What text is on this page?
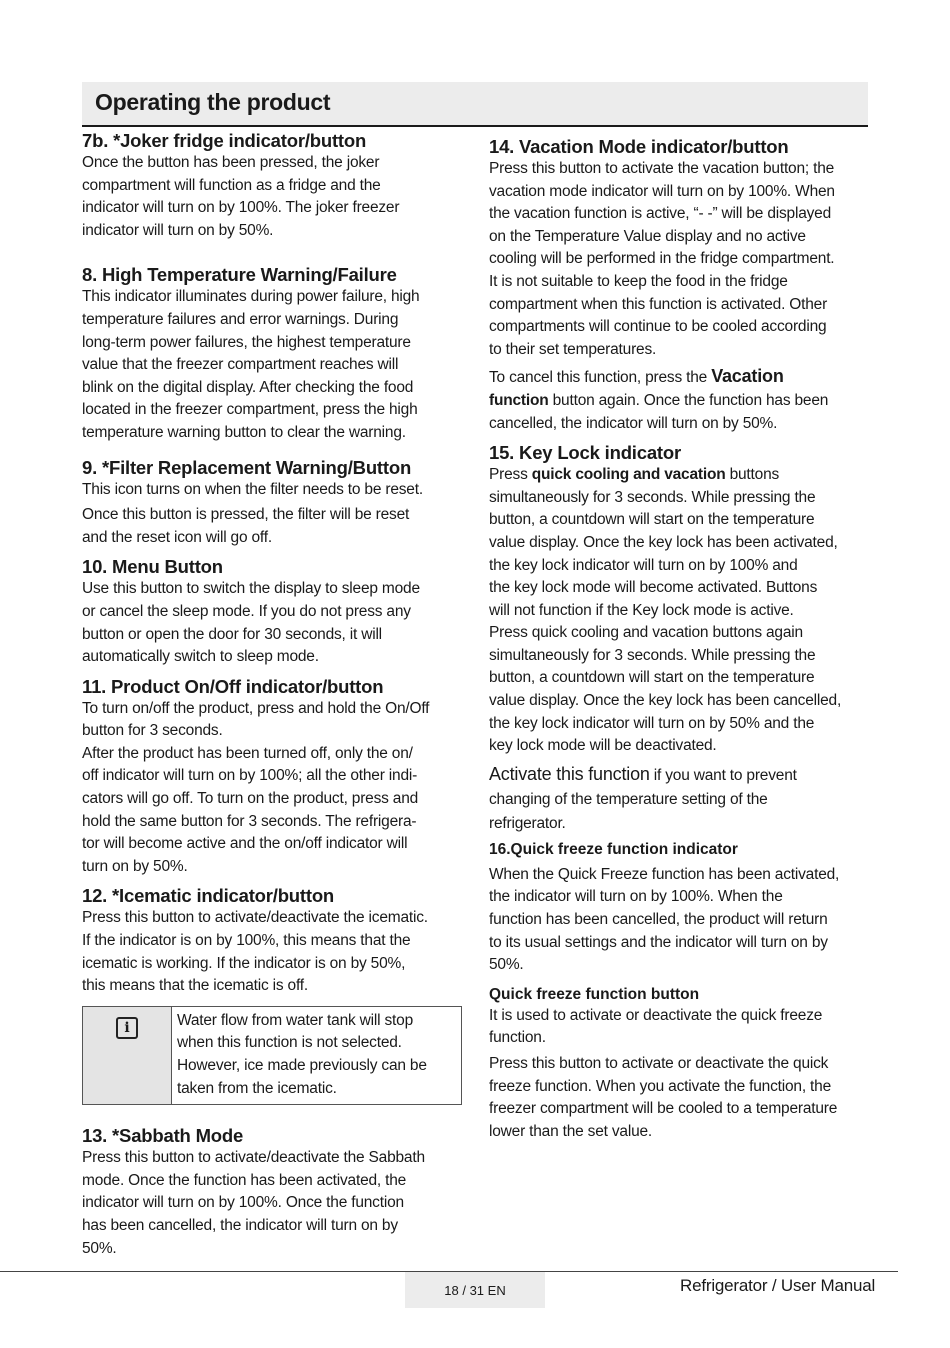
Operating the product
7b. *Joker fridge indicator/button

Once the button has been pressed, the joker
compartment will function as a fridge and the
indicator will turn on by 100%. The joker freezer
indicator will turn on by 50%.

8. High Temperature Warning/Failure

This indicator illuminates during power failure, high
temperature failures and error warnings. During
long-term power failures, the highest temperature
value that the freezer compartment reaches will
blink on the digital display. After checking the food
located in the freezer compartment, press the high
temperature warning button to clear the warning.

9. *Filter Replacement Warning/Button

This icon turns on when the filter needs to be reset.

Once this button is pressed, the filter will be reset
and the reset icon will go off.

10. Menu Button

Use this button to switch the display to sleep mode
or cancel the sleep mode. If you do not press any
button or open the door for 30 seconds, it will
automatically switch to sleep mode.

11. Product On/Off indicator/button

To turn on/off the product, press and hold the On/Off
button for 3 seconds.

After the product has been turned off, only the on/
off indicator will turn on by 100%; all the other indi-
cators will go off. To turn on the product, press and
hold the same button for 3 seconds. The refrigera-
tor will become active and the on/off indicator will
turn on by 50%.

12. *Icematic indicator/button

Press this button to activate/deactivate the icematic.
If the indicator is on by 100%, this means that the
icematic is working. If the indicator is on by 50%,
this means that the icematic is off.

i	Water flow from water tank will stop
when this function is not selected.
However, ice made previously can be
taken from the icematic.

13. *Sabbath Mode

Press this button to activate/deactivate the Sabbath
mode. Once the function has been activated, the
indicator will turn on by 100%. Once the function
has been cancelled, the indicator will turn on by
50%.

14. Vacation Mode indicator/button

Press this button to activate the vacation button; the
vacation mode indicator will turn on by 100%. When
the vacation function is active, “- -” will be displayed
on the Temperature Value display and no active
cooling will be performed in the fridge compartment.
It is not suitable to keep the food in the fridge
compartment when this function is activated. Other
compartments will continue to be cooled according
to their set temperatures.

To cancel this function, press the Vacation
function button again. Once the function has been
cancelled, the indicator will turn on by 50%.

15. Key Lock indicator

Press quick cooling and vacation buttons
simultaneously for 3 seconds. While pressing the
button, a countdown will start on the temperature
value display. Once the key lock has been activated,
the key lock indicator will turn on by 100% and
the key lock mode will become activated. Buttons
will not function if the Key lock mode is active.
Press quick cooling and vacation buttons again
simultaneously for 3 seconds. While pressing the
button, a countdown will start on the temperature
value display. Once the key lock has been cancelled,
the key lock indicator will turn on by 50% and the
key lock mode will be deactivated.

Activate this function if you want to prevent
changing of the temperature setting of the
refrigerator.

16.Quick freeze function indicator

When the Quick Freeze function has been activated,
the indicator will turn on by 100%. When the
function has been cancelled, the product will return
to its usual settings and the indicator will turn on by
50%.

Quick freeze function button

It is used to activate or deactivate the quick freeze
function.

Press this button to activate or deactivate the quick
freeze function. When you activate the function, the
freezer compartment will be cooled to a temperature
lower than the set value.

18 / 31 EN	Refrigerator / User Manual
